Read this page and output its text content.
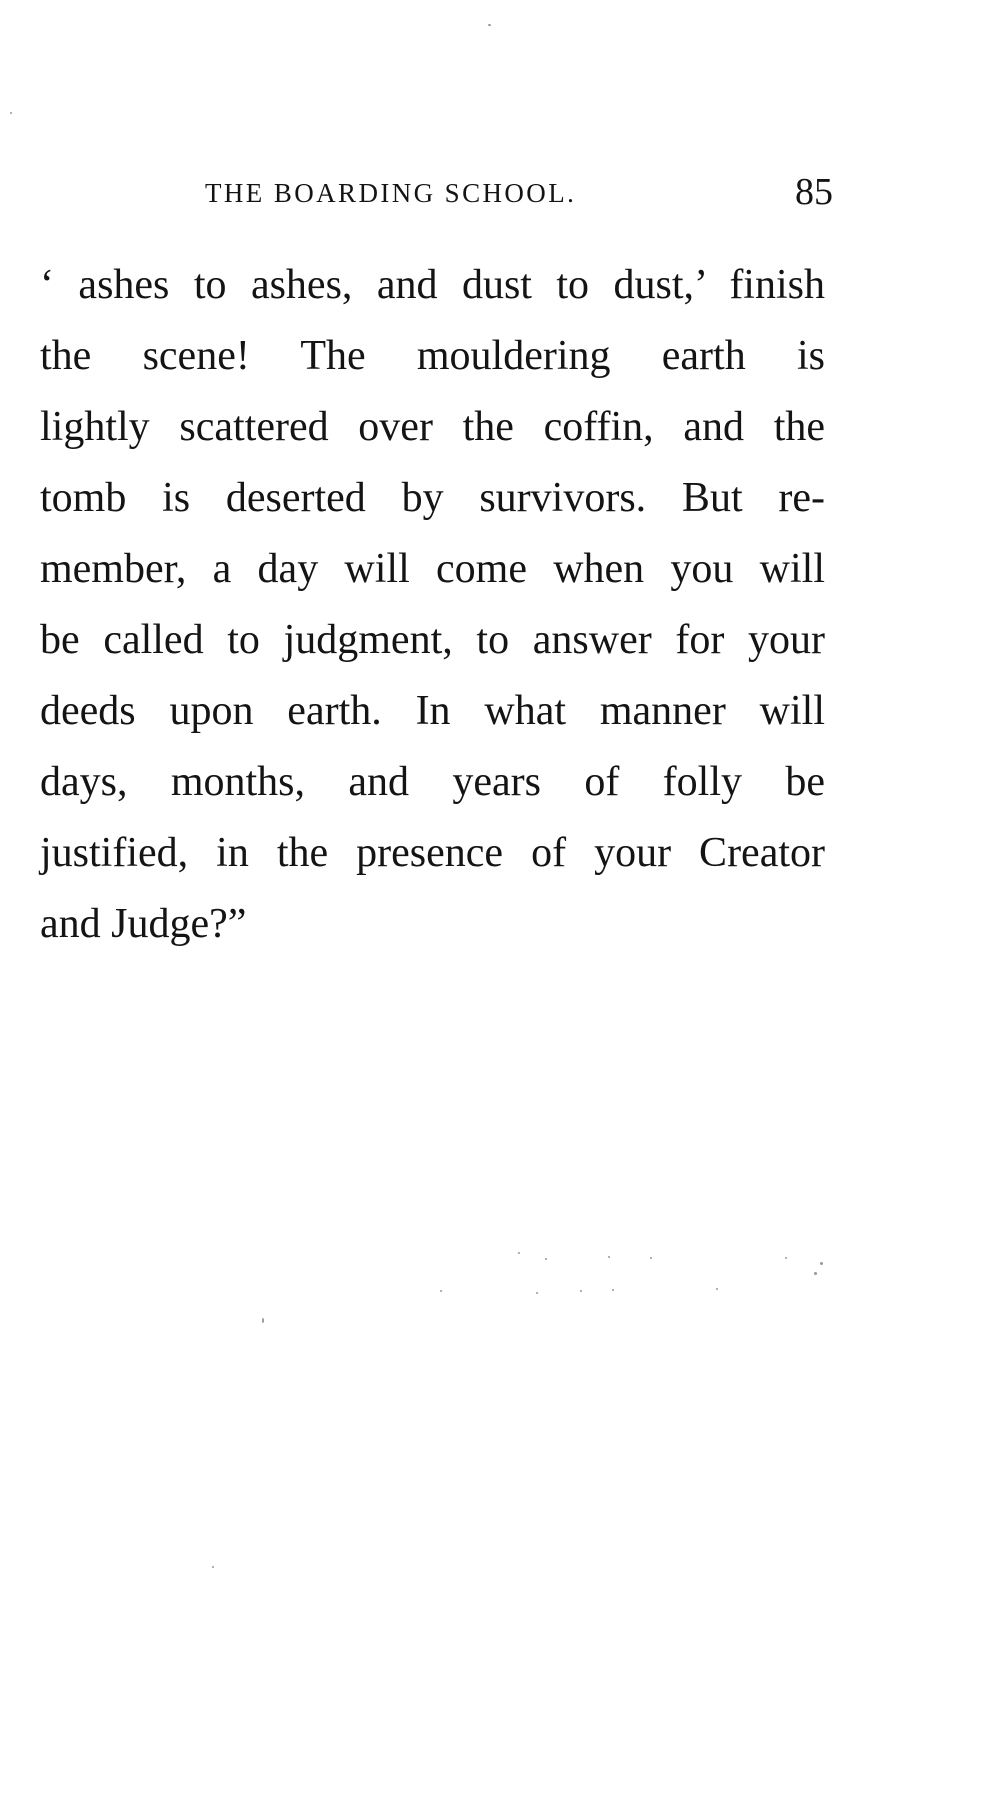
THE BOARDING SCHOOL.	85
‘ ashes to ashes, and dust to dust,’ finish
the scene! The mouldering earth is
lightly scattered over the coffin, and the
tomb is deserted by survivors. But re-
member, a day will come when you will
be called to judgment, to answer for your
deeds upon earth. In what manner will
days, months, and years of folly be
justified, in the presence of your Creator
and Judge?”
